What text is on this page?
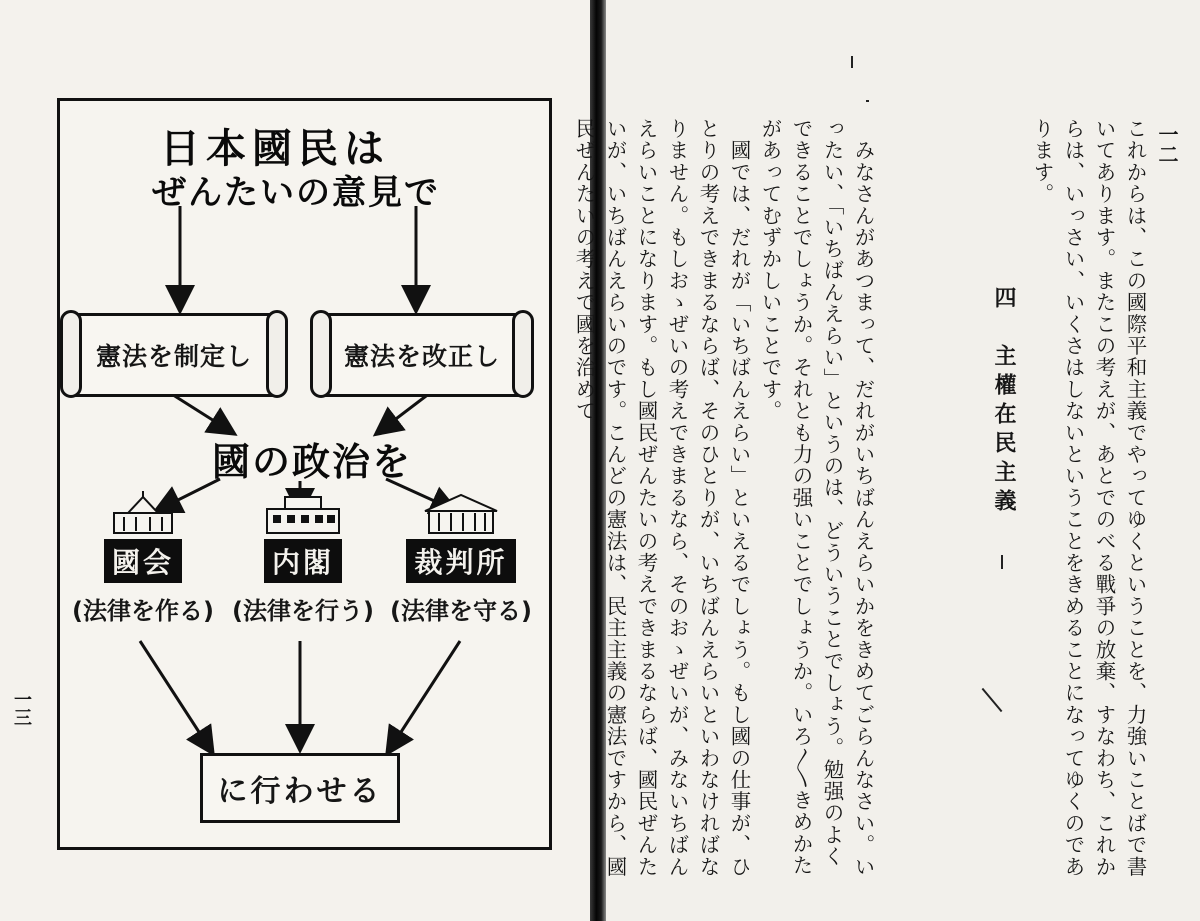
日本國民は
ぜんたいの意見で
憲法を制定し	憲法を改正し
國の政治を

國会
(法律を作る)

内閣
(法律を行う)

裁判所
(法律を守る)
に行わせる
一三
一二
これからは、この國際平和主義でやってゆくということを、力強いことばで書いてあります。またこの考えが、あとでのべる戰爭の放棄、すなわち、これからは、いっさい、いくさはしないということをきめることになってゆくのであります。
四　主權在民主義
　みなさんがあつまって、だれがいちばんえらいかをきめてごらんなさい。いったい、「いちばんえらい」というのは、どういうことでしょう。勉强のよくできることでしょうか。それとも力の强いことでしょうか。いろ〱きめかたがあってむずかしいことです。
　國では、だれが「いちばんえらい」といえるでしょう。もし國の仕事が、ひとりの考えできまるならば、そのひとりが、いちばんえらいといわなければなりません。もしおゝぜいの考えできまるなら、そのおゝぜいが、みないちばんえらいことになります。もし國民ぜんたいの考えできまるならば、國民ぜんたいが、いちばんえらいのです。こんどの憲法は、民主主義の憲法ですから、國民ぜんたいの考えで國を治めて
